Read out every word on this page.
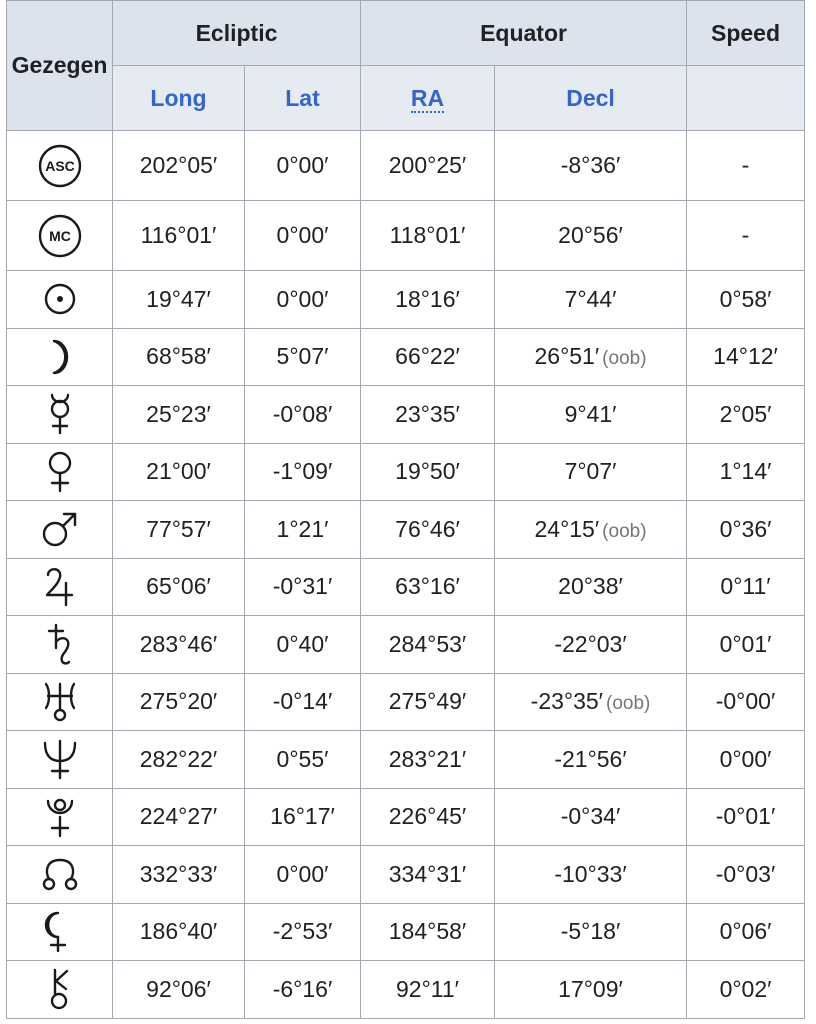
Gezegen	Ecliptic		Equator		Speed
	Long	Lat	RA	Decl	

ASC	202°05′	0°00′	200°25′	-8°36′	-

MC	116°01′	0°00′	118°01′	20°56′	-

	19°47′	0°00′	18°16′	7°44′	0°58′

	68°58′	5°07′	66°22′	26°51′ (oob)	14°12′

	25°23′	-0°08′	23°35′	9°41′	2°05′

	21°00′	-1°09′	19°50′	7°07′	1°14′

	77°57′	1°21′	76°46′	24°15′ (oob)	0°36′

	65°06′	-0°31′	63°16′	20°38′	0°11′

	283°46′	0°40′	284°53′	-22°03′	0°01′

	275°20′	-0°14′	275°49′	-23°35′ (oob)	-0°00′

	282°22′	0°55′	283°21′	-21°56′	0°00′

	224°27′	16°17′	226°45′	-0°34′	-0°01′

	332°33′	0°00′	334°31′	-10°33′	-0°03′

	186°40′	-2°53′	184°58′	-5°18′	0°06′

	92°06′	-6°16′	92°11′	17°09′	0°02′
